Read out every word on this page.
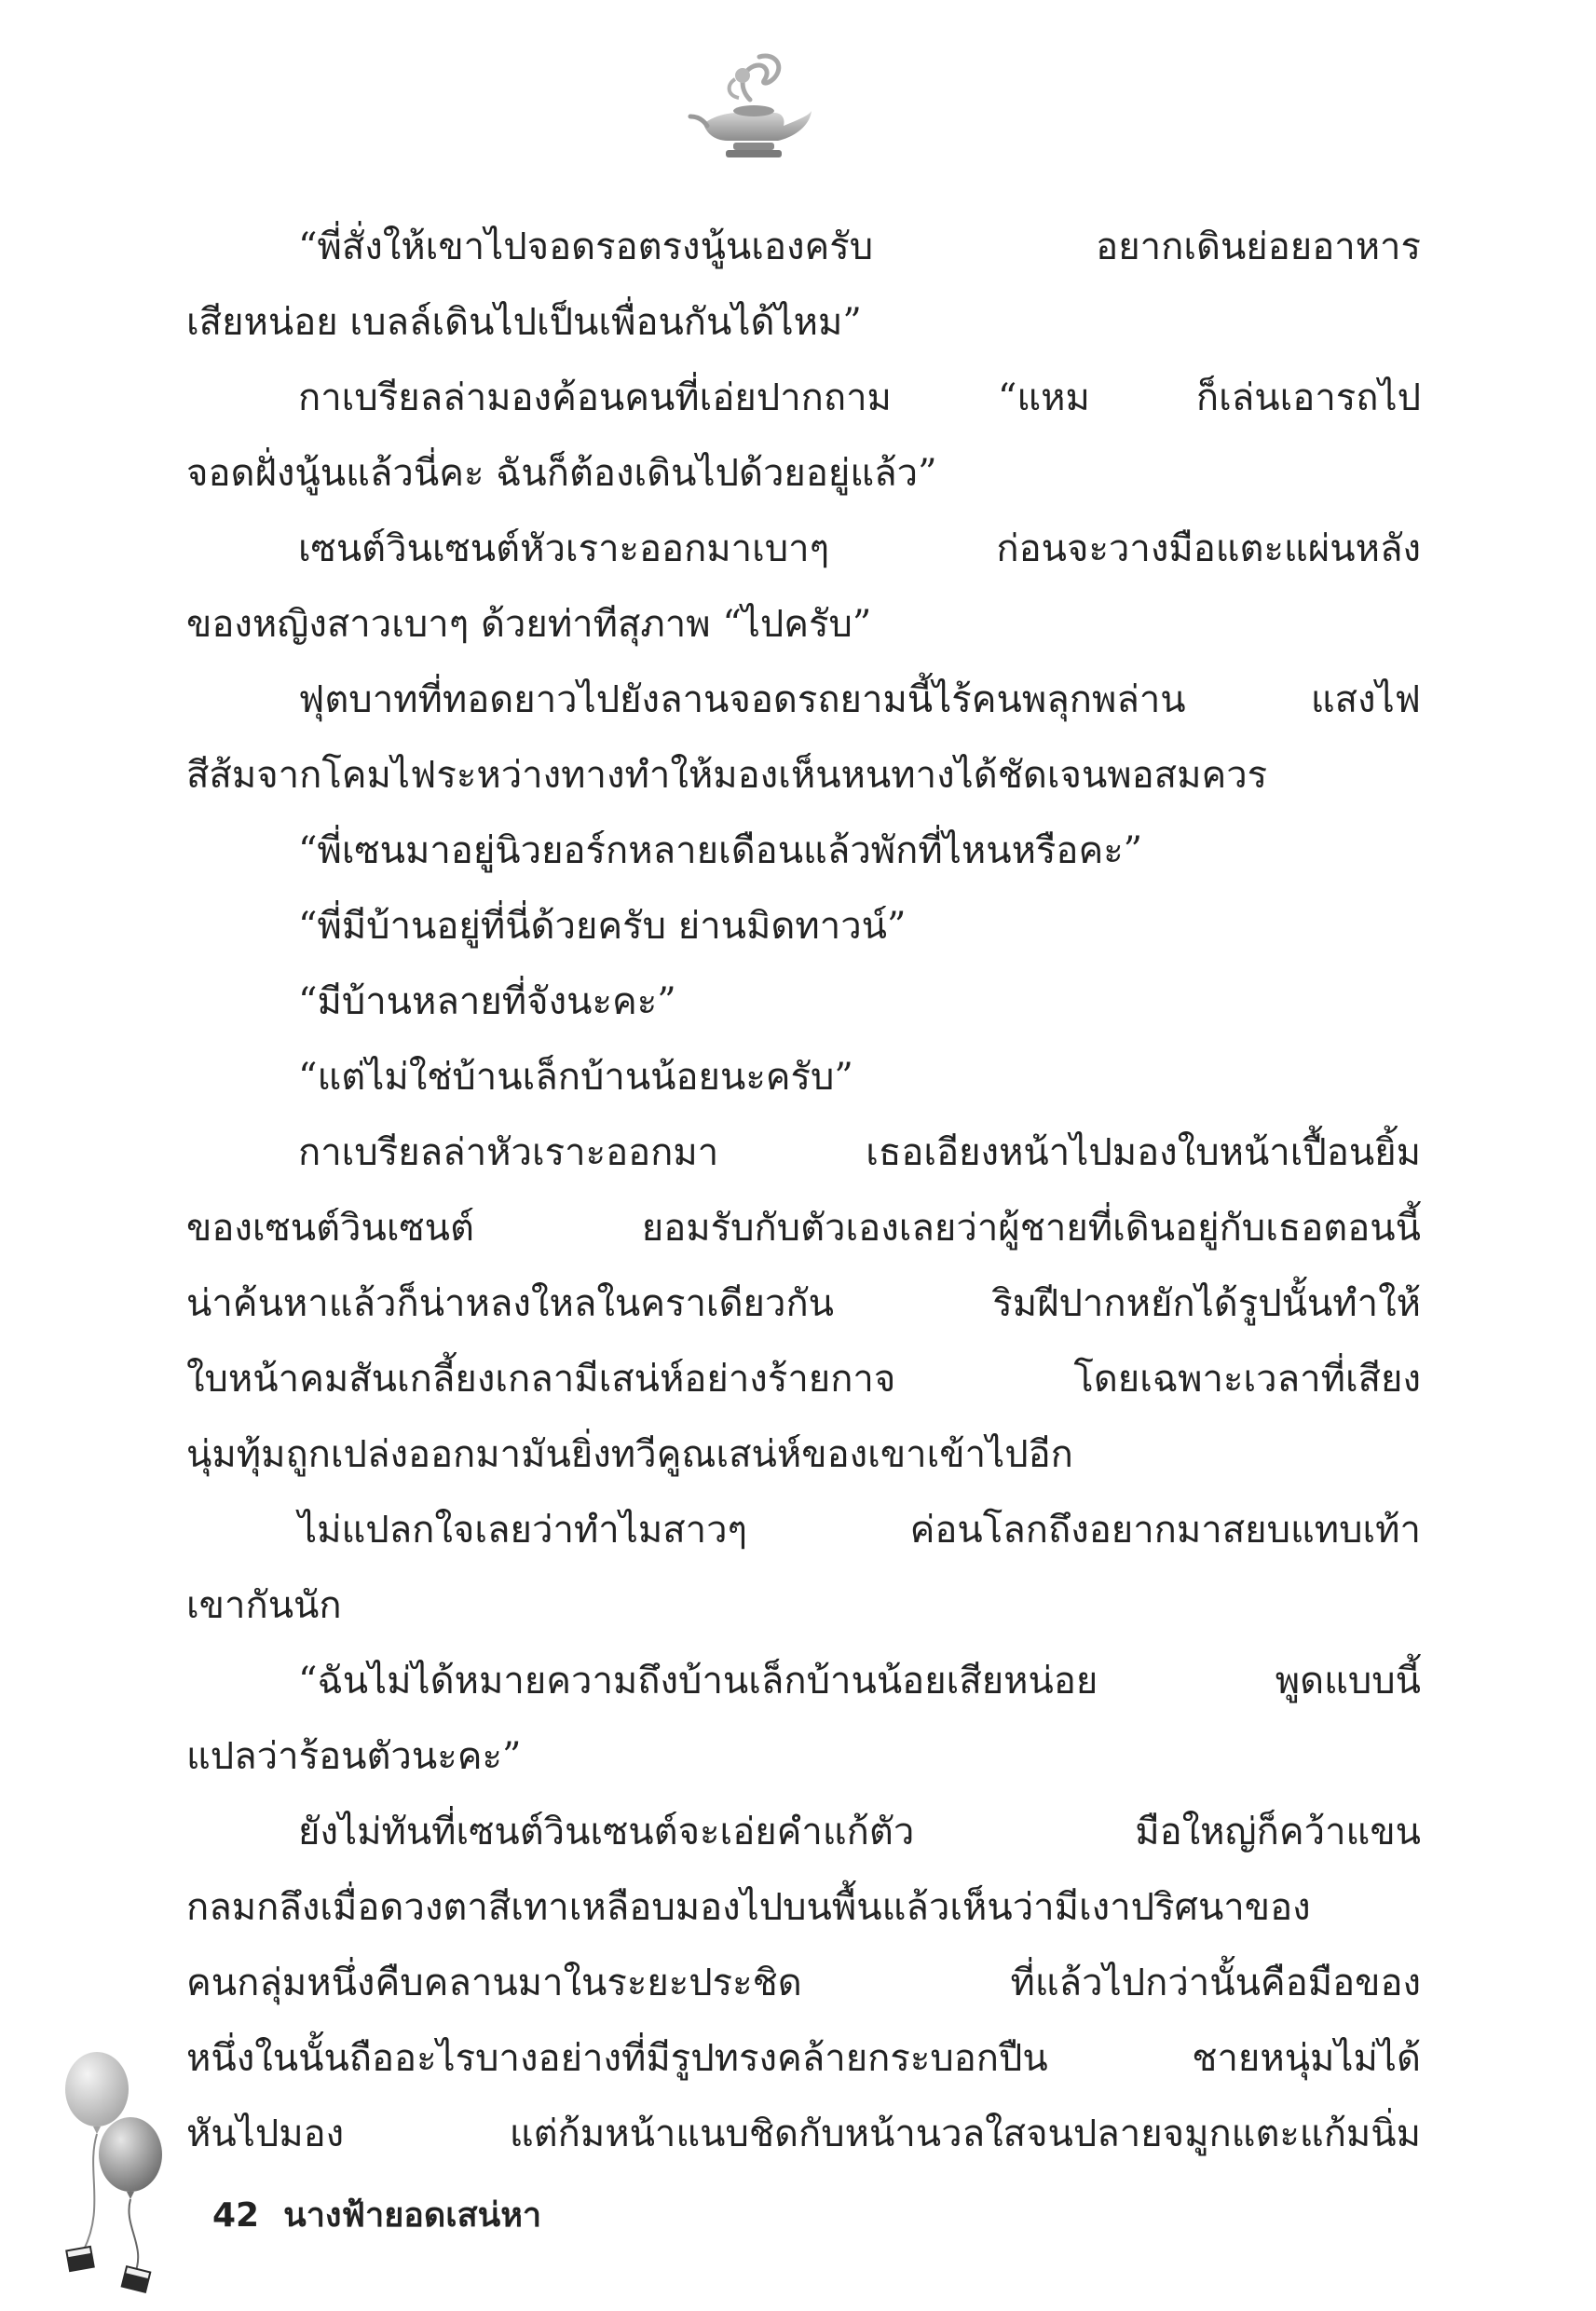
“พี่สั่งให้เขาไปจอดรอตรงนู้นเองครับ อยากเดินย่อยอาหาร
เสียหน่อย เบลล์เดินไปเป็นเพื่อนกันได้ไหม”
กาเบรียลล่ามองค้อนคนที่เอ่ยปากถาม “แหม ก็เล่นเอารถไป
จอดฝั่งนู้นแล้วนี่คะ ฉันก็ต้องเดินไปด้วยอยู่แล้ว”
เซนต์วินเซนต์หัวเราะออกมาเบาๆ ก่อนจะวางมือแตะแผ่นหลัง
ของหญิงสาวเบาๆ ด้วยท่าทีสุภาพ “ไปครับ”
ฟุตบาทที่ทอดยาวไปยังลานจอดรถยามนี้ไร้คนพลุกพล่าน แสงไฟ
สีส้มจากโคมไฟระหว่างทางทำให้มองเห็นหนทางได้ชัดเจนพอสมควร
“พี่เซนมาอยู่นิวยอร์กหลายเดือนแล้วพักที่ไหนหรือคะ”
“พี่มีบ้านอยู่ที่นี่ด้วยครับ ย่านมิดทาวน์”
“มีบ้านหลายที่จังนะคะ”
“แต่ไม่ใช่บ้านเล็กบ้านน้อยนะครับ”
กาเบรียลล่าหัวเราะออกมา เธอเอียงหน้าไปมองใบหน้าเปื้อนยิ้ม
ของเซนต์วินเซนต์ ยอมรับกับตัวเองเลยว่าผู้ชายที่เดินอยู่กับเธอตอนนี้
น่าค้นหาแล้วก็น่าหลงใหลในคราเดียวกัน ริมฝีปากหยักได้รูปนั้นทำให้
ใบหน้าคมสันเกลี้ยงเกลามีเสน่ห์อย่างร้ายกาจ โดยเฉพาะเวลาที่เสียง
นุ่มทุ้มถูกเปล่งออกมามันยิ่งทวีคูณเสน่ห์ของเขาเข้าไปอีก
ไม่แปลกใจเลยว่าทำไมสาวๆ ค่อนโลกถึงอยากมาสยบแทบเท้า
เขากันนัก
“ฉันไม่ได้หมายความถึงบ้านเล็กบ้านน้อยเสียหน่อย พูดแบบนี้
แปลว่าร้อนตัวนะคะ”
ยังไม่ทันที่เซนต์วินเซนต์จะเอ่ยคำแก้ตัว มือใหญ่ก็คว้าแขน
กลมกลึงเมื่อดวงตาสีเทาเหลือบมองไปบนพื้นแล้วเห็นว่ามีเงาปริศนาของ
คนกลุ่มหนึ่งคืบคลานมาในระยะประชิด ที่แล้วไปกว่านั้นคือมือของ
หนึ่งในนั้นถืออะไรบางอย่างที่มีรูปทรงคล้ายกระบอกปืน ชายหนุ่มไม่ได้
หันไปมอง แต่ก้มหน้าแนบชิดกับหน้านวลใสจนปลายจมูกแตะแก้มนิ่ม
42 นางฟ้ายอดเสน่หา
